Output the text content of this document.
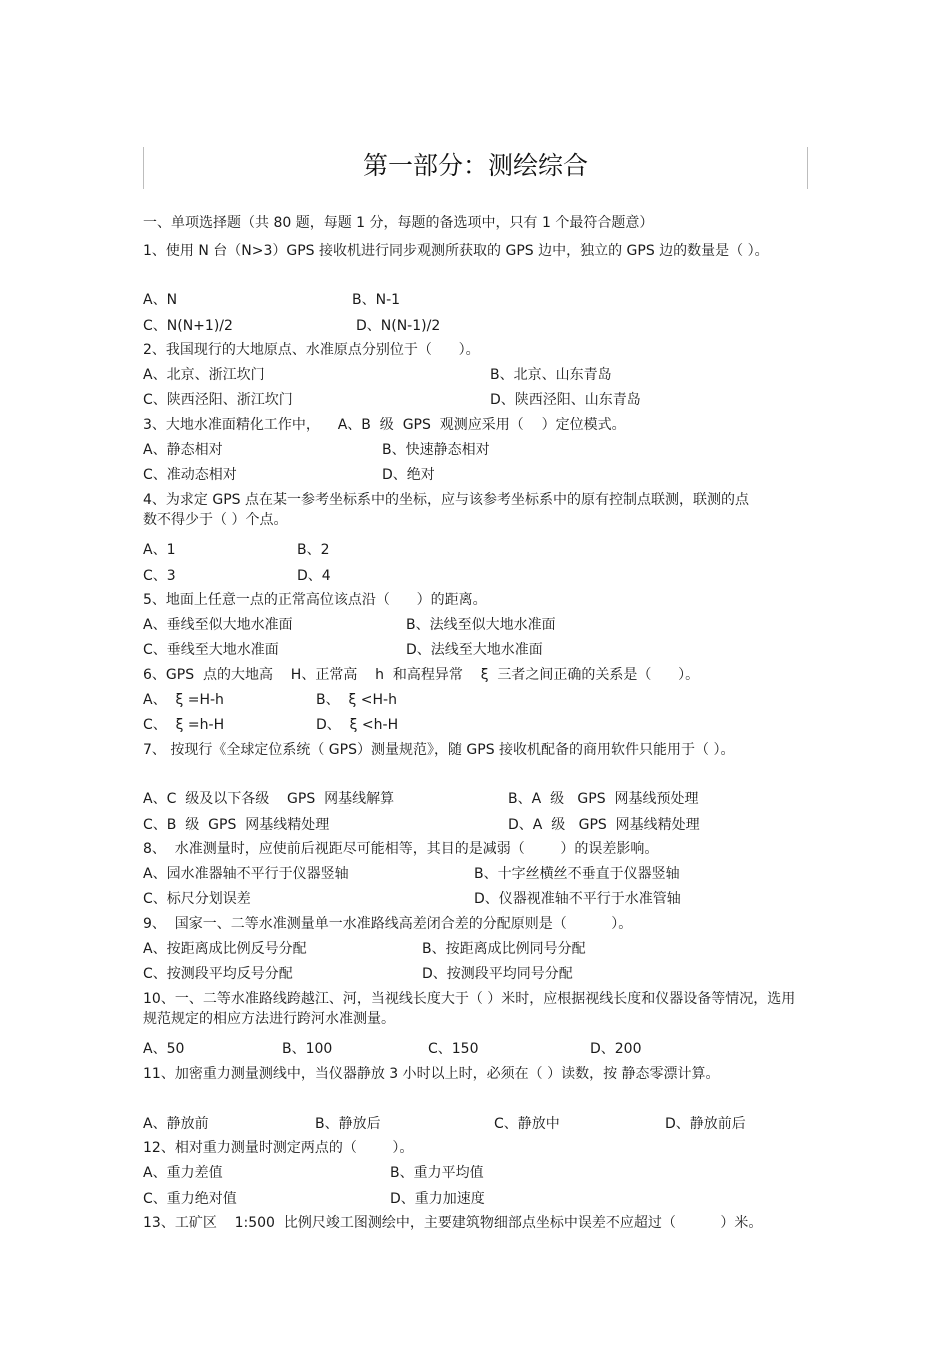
第一部分：测绘综合
一、单项选择题（共 80 题，每题 1 分，每题的备选项中，只有 1 个最符合题意）
1、使用 N 台（N>3）GPS 接收机进行同步观测所获取的 GPS 边中，独立的 GPS 边的数量是（ ）。
A、N	B、N-1
C、N(N+1)/2	D、N(N-1)/2
2、我国现行的大地原点、水准原点分别位于（      ）。
A、北京、浙江坎门	B、北京、山东青岛
C、陕西泾阳、浙江坎门	D、陕西泾阳、山东青岛
3、大地水准面精化工作中，    A、B  级  GPS  观测应采用（    ）定位模式。
A、静态相对	B、快速静态相对
C、准动态相对	D、绝对
4、为求定 GPS 点在某一参考坐标系中的坐标，应与该参考坐标系中的原有控制点联测，联测的点数不得少于（ ）个点。
A、1	B、2
C、3	D、4
5、地面上任意一点的正常高位该点沿（      ）的距离。
A、垂线至似大地水准面	B、法线至似大地水准面
C、垂线至大地水准面	D、法线至大地水准面
6、GPS  点的大地高    H、正常高    h  和高程异常    ξ  三者之间正确的关系是（      ）。
A、  ξ =H-h	B、  ξ <H-h
C、  ξ =h-H	D、  ξ <h-H
7、 按现行《全球定位系统（ GPS）测量规范》，随 GPS 接收机配备的商用软件只能用于（ ）。
A、C  级及以下各级    GPS  网基线解算	B、A  级   GPS  网基线预处理
C、B  级  GPS  网基线精处理	D、A  级   GPS  网基线精处理
8、  水准测量时，应使前后视距尽可能相等，其目的是减弱（        ）的误差影响。
A、园水准器轴不平行于仪器竖轴	B、十字丝横丝不垂直于仪器竖轴
C、标尺分划误差	D、仪器视准轴不平行于水准管轴
9、  国家一、二等水准测量单一水准路线高差闭合差的分配原则是（          ）。
A、按距离成比例反号分配	B、按距离成比例同号分配
C、按测段平均反号分配	D、按测段平均同号分配
10、一、二等水准路线跨越江、河，当视线长度大于（ ）米时，应根据视线长度和仪器设备等情况，选用规范规定的相应方法进行跨河水准测量。
A、50	B、100	C、150	D、200
11、加密重力测量测线中，当仪器静放 3 小时以上时，必须在（ ）读数，按 静态零漂计算。
A、静放前	B、静放后	C、静放中	D、静放前后
12、相对重力测量时测定两点的（        ）。
A、重力差值	B、重力平均值
C、重力绝对值	D、重力加速度
13、工矿区    1:500  比例尺竣工图测绘中，主要建筑物细部点坐标中误差不应超过（          ）米。
